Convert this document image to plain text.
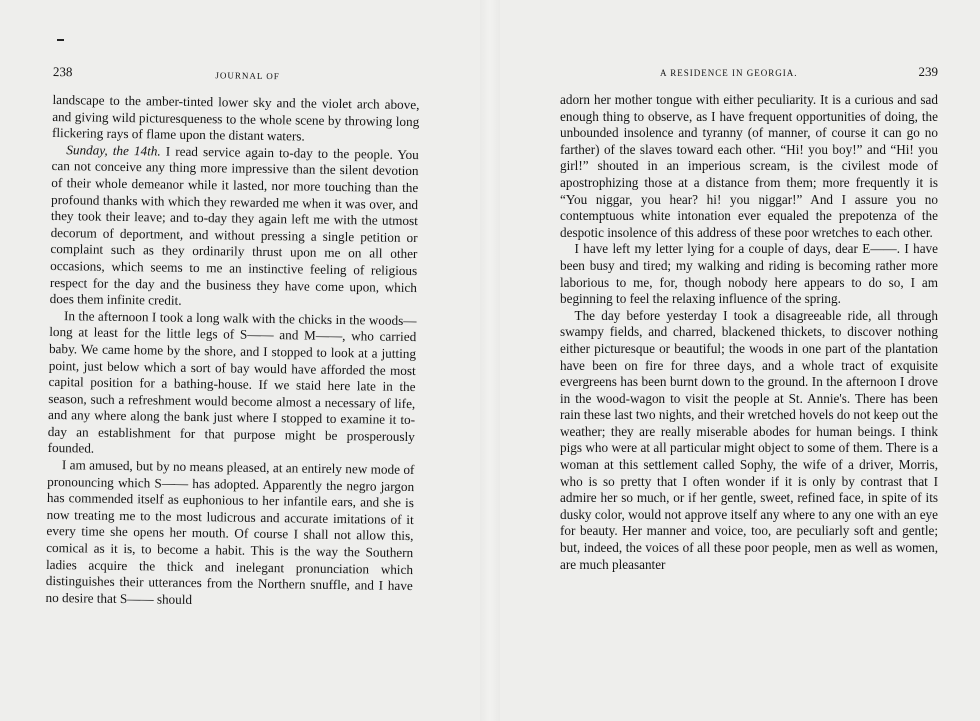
238	JOURNAL OF

landscape to the amber-tinted lower sky and the violet arch above, and giving wild picturesqueness to the whole scene by throwing long flickering rays of flame upon the distant waters.

Sunday, the 14th. I read service again to-day to the people. You can not conceive any thing more impressive than the silent devotion of their whole demeanor while it lasted, nor more touching than the profound thanks with which they rewarded me when it was over, and they took their leave; and to-day they again left me with the utmost decorum of deportment, and without pressing a single petition or complaint such as they ordinarily thrust upon me on all other occasions, which seems to me an instinctive feeling of religious respect for the day and the business they have come upon, which does them infinite credit.

In the afternoon I took a long walk with the chicks in the woods—long at least for the little legs of S—— and M——, who carried baby. We came home by the shore, and I stopped to look at a jutting point, just below which a sort of bay would have afforded the most capital position for a bathing-house. If we staid here late in the season, such a refreshment would become almost a necessary of life, and any where along the bank just where I stopped to examine it to-day an establishment for that purpose might be prosperously founded.

I am amused, but by no means pleased, at an entirely new mode of pronouncing which S—— has adopted. Apparently the negro jargon has commended itself as euphonious to her infantile ears, and she is now treating me to the most ludicrous and accurate imitations of it every time she opens her mouth. Of course I shall not allow this, comical as it is, to become a habit. This is the way the Southern ladies acquire the thick and inelegant pronunciation which distinguishes their utterances from the Northern snuffle, and I have no desire that S—— should

A RESIDENCE IN GEORGIA.	239

adorn her mother tongue with either peculiarity. It is a curious and sad enough thing to observe, as I have frequent opportunities of doing, the unbounded insolence and tyranny (of manner, of course it can go no farther) of the slaves toward each other. “Hi! you boy!” and “Hi! you girl!” shouted in an imperious scream, is the civilest mode of apostrophizing those at a distance from them; more frequently it is “You niggar, you hear? hi! you niggar!” And I assure you no contemptuous white intonation ever equaled the prepotenza of the despotic insolence of this address of these poor wretches to each other.

I have left my letter lying for a couple of days, dear E——. I have been busy and tired; my walking and riding is becoming rather more laborious to me, for, though nobody here appears to do so, I am beginning to feel the relaxing influence of the spring.

The day before yesterday I took a disagreeable ride, all through swampy fields, and charred, blackened thickets, to discover nothing either picturesque or beautiful; the woods in one part of the plantation have been on fire for three days, and a whole tract of exquisite evergreens has been burnt down to the ground. In the afternoon I drove in the wood-wagon to visit the people at St. Annie's. There has been rain these last two nights, and their wretched hovels do not keep out the weather; they are really miserable abodes for human beings. I think pigs who were at all particular might object to some of them. There is a woman at this settlement called Sophy, the wife of a driver, Morris, who is so pretty that I often wonder if it is only by contrast that I admire her so much, or if her gentle, sweet, refined face, in spite of its dusky color, would not approve itself any where to any one with an eye for beauty. Her manner and voice, too, are peculiarly soft and gentle; but, indeed, the voices of all these poor people, men as well as women, are much pleasanter
